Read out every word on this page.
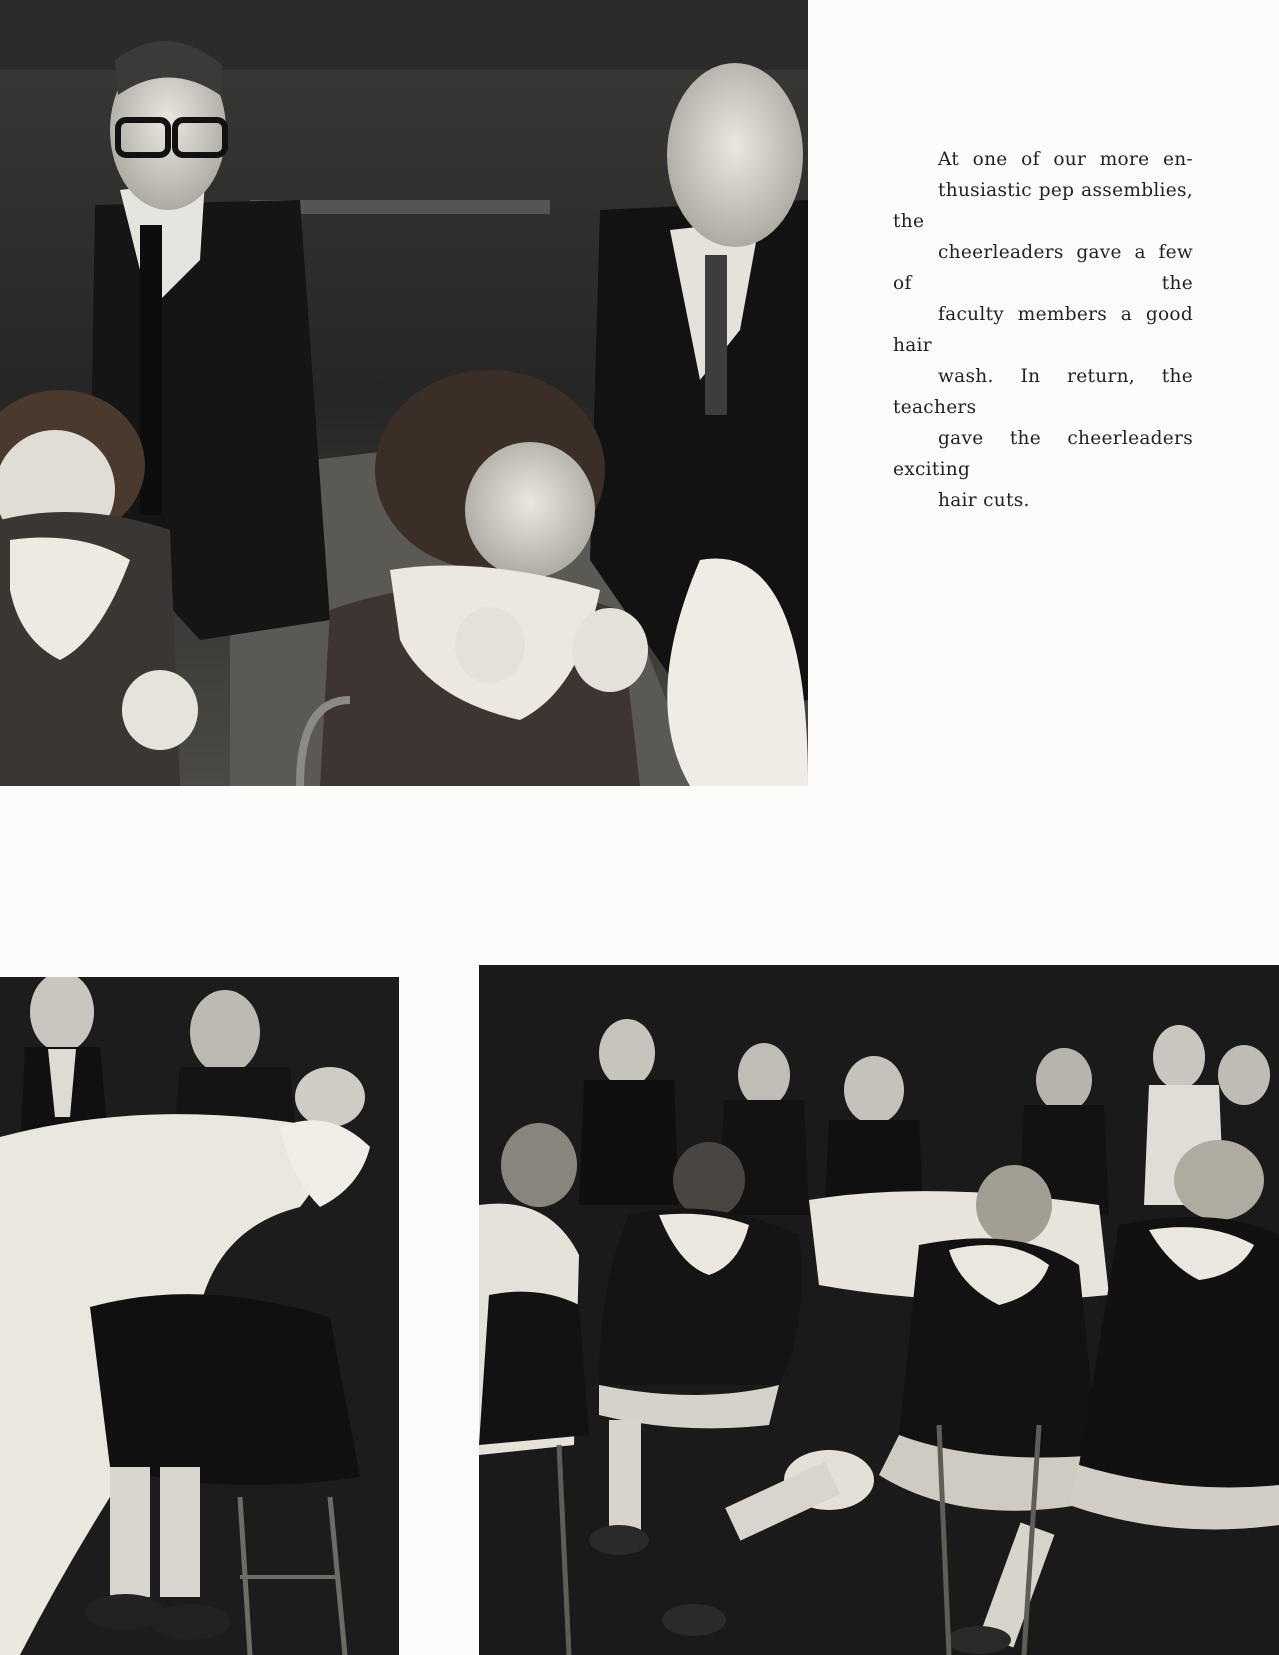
At one of our more en-
thusiastic pep assemblies, the
cheerleaders gave a few of the
faculty members a good hair
wash. In return, the teachers
gave the cheerleaders exciting
hair cuts.
